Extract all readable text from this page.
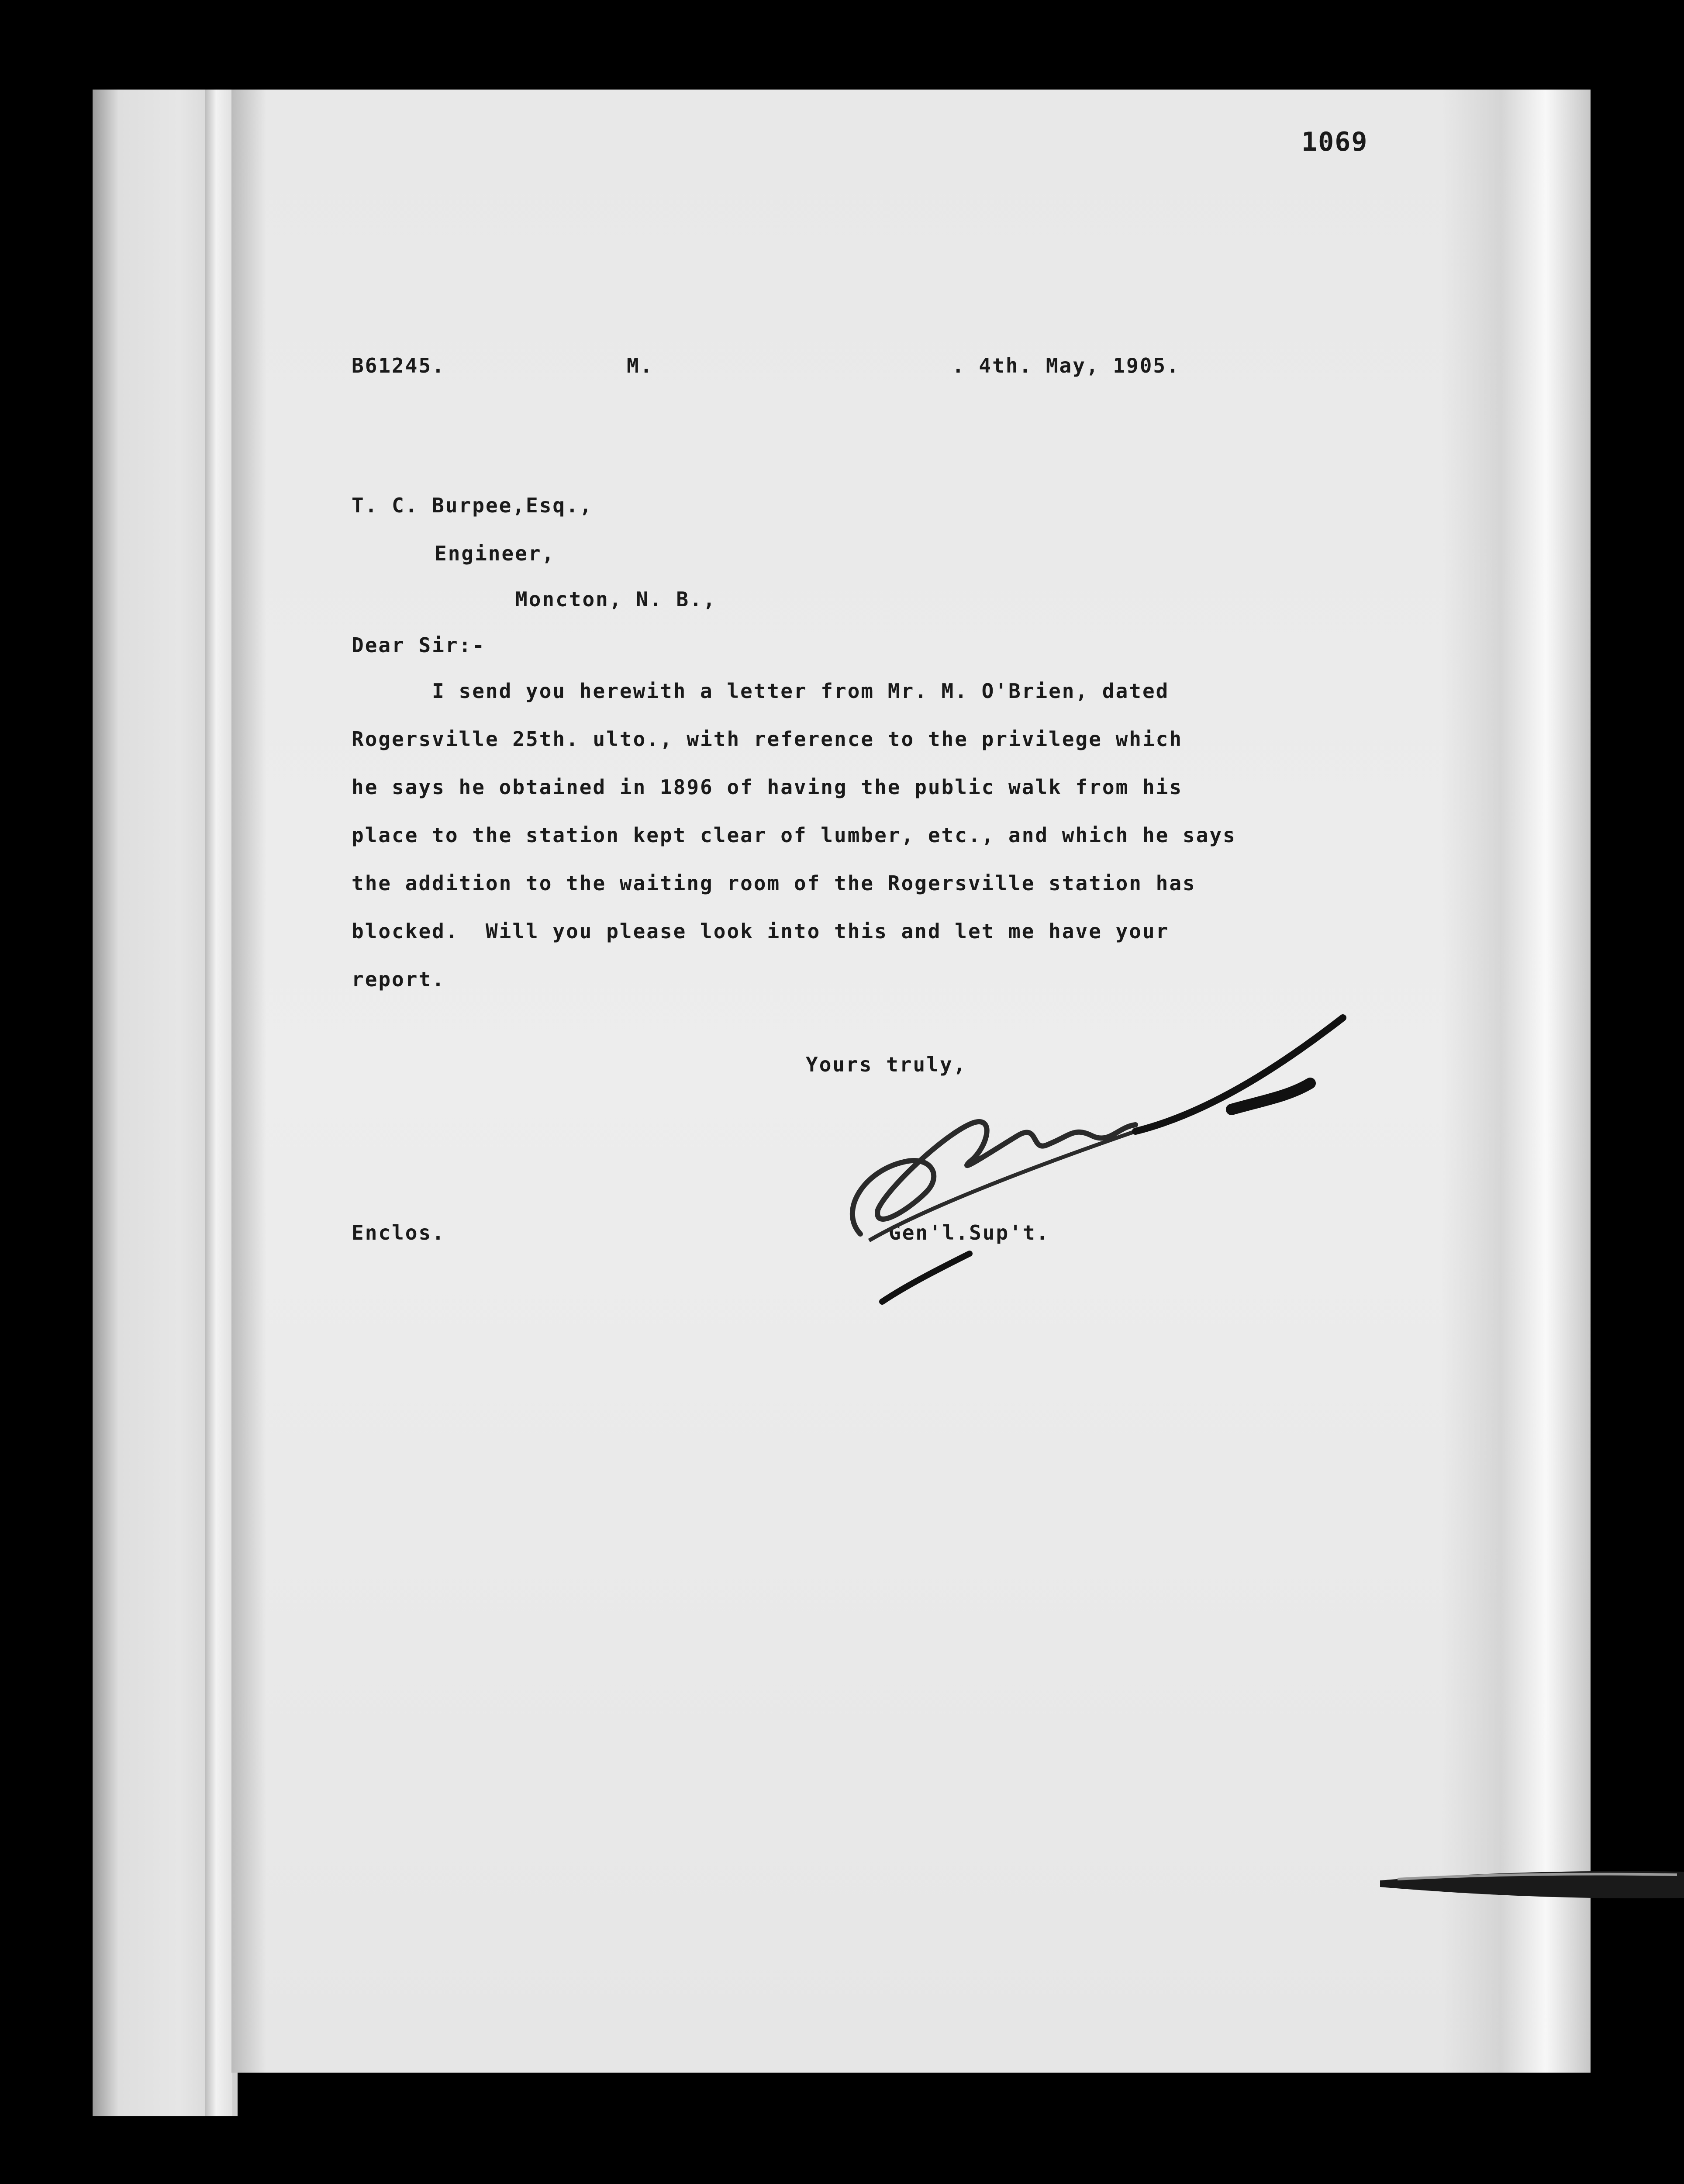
1069
B61245.	M.	. 4th. May, 1905.
T. C. Burpee,Esq.,
Engineer,
Moncton, N. B.,
Dear Sir:-
I send you herewith a letter from Mr. M. O'Brien, dated
Rogersville 25th. ulto., with reference to the privilege which
he says he obtained in 1896 of having the public walk from his
place to the station kept clear of lumber, etc., and which he says
the addition to the waiting room of the Rogersville station has
blocked.  Will you please look into this and let me have your
report.
Yours truly,
Enclos.	Gen'l.Sup't.
